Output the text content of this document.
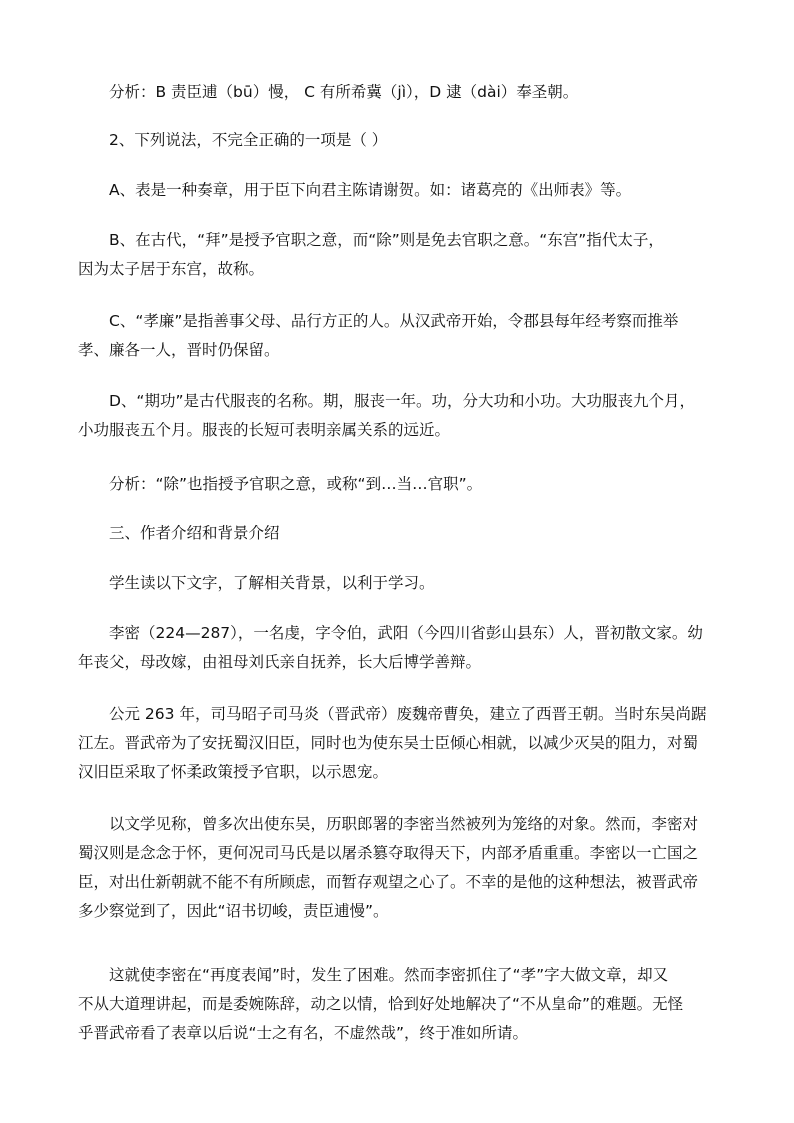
分析：B 责臣逋（bū）慢， C 有所希冀（jì），D 逮（dài）奉圣朝。

2、下列说法，不完全正确的一项是（ ）

A、表是一种奏章，用于臣下向君主陈请谢贺。如：诸葛亮的《出师表》等。

B、在古代，“拜”是授予官职之意，而“除”则是免去官职之意。“东宫”指代太子，
因为太子居于东宫，故称。

C、“孝廉”是指善事父母、品行方正的人。从汉武帝开始，令郡县每年经考察而推举
孝、廉各一人，晋时仍保留。

D、“期功”是古代服丧的名称。期，服丧一年。功，分大功和小功。大功服丧九个月，
小功服丧五个月。服丧的长短可表明亲属关系的远近。

分析：“除”也指授予官职之意，或称“到…当…官职”。

三、作者介绍和背景介绍

学生读以下文字，了解相关背景，以利于学习。

李密（224—287），一名虔，字令伯，武阳（今四川省彭山县东）人，晋初散文家。幼
年丧父，母改嫁，由祖母刘氏亲自抚养，长大后博学善辩。

公元 263 年，司马昭子司马炎（晋武帝）废魏帝曹奂，建立了西晋王朝。当时东吴尚踞
江左。晋武帝为了安抚蜀汉旧臣，同时也为使东吴士臣倾心相就，以减少灭吴的阻力，对蜀
汉旧臣采取了怀柔政策授予官职，以示恩宠。

以文学见称，曾多次出使东吴，历职郎署的李密当然被列为笼络的对象。然而，李密对
蜀汉则是念念于怀，更何况司马氏是以屠杀篡夺取得天下，内部矛盾重重。李密以一亡国之
臣，对出仕新朝就不能不有所顾虑，而暂存观望之心了。不幸的是他的这种想法，被晋武帝
多少察觉到了，因此“诏书切峻，责臣逋慢”。

这就使李密在“再度表闻”时，发生了困难。然而李密抓住了“孝”字大做文章，却又
不从大道理讲起，而是委婉陈辞，动之以情，恰到好处地解决了“不从皇命”的难题。无怪
乎晋武帝看了表章以后说“士之有名，不虚然哉”，终于准如所请。
